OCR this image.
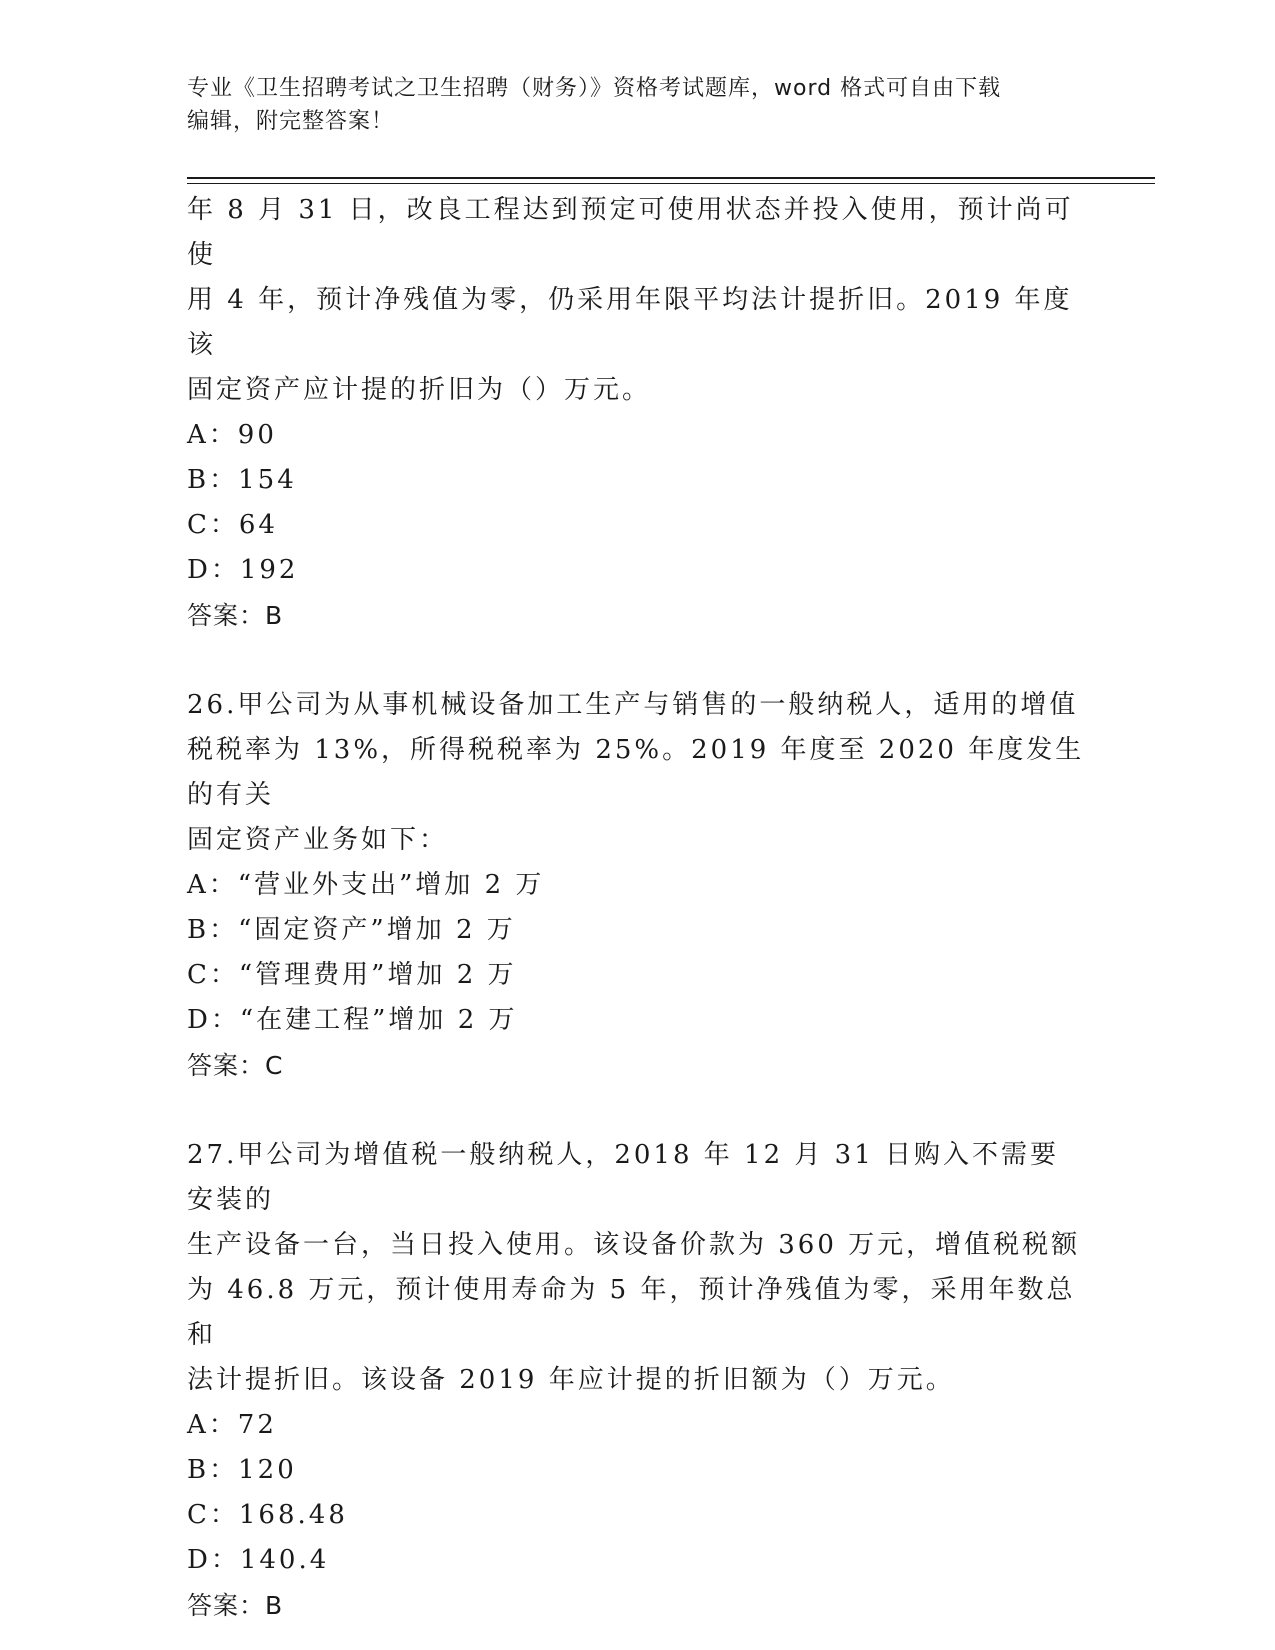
专业《卫生招聘考试之卫生招聘（财务）》资格考试题库，word 格式可自由下载
编辑，附完整答案！

年 8 月 31 日，改良工程达到预定可使用状态并投入使用，预计尚可使

用 4 年，预计净残值为零，仍采用年限平均法计提折旧。2019 年度该

固定资产应计提的折旧为（）万元。

A：90

B：154

C：64

D：192

答案：B

26.甲公司为从事机械设备加工生产与销售的一般纳税人，适用的增值

税税率为 13%，所得税税率为 25%。2019 年度至 2020 年度发生的有关

固定资产业务如下：

A：“营业外支出”增加 2 万

B：“固定资产”增加 2 万

C：“管理费用”增加 2 万

D：“在建工程”增加 2 万

答案：C

27.甲公司为增值税一般纳税人，2018 年 12 月 31 日购入不需要安装的

生产设备一台，当日投入使用。该设备价款为 360 万元，增值税税额

为 46.8 万元，预计使用寿命为 5 年，预计净残值为零，采用年数总和

法计提折旧。该设备 2019 年应计提的折旧额为（）万元。

A：72

B：120

C：168.48

D：140.4

答案：B
